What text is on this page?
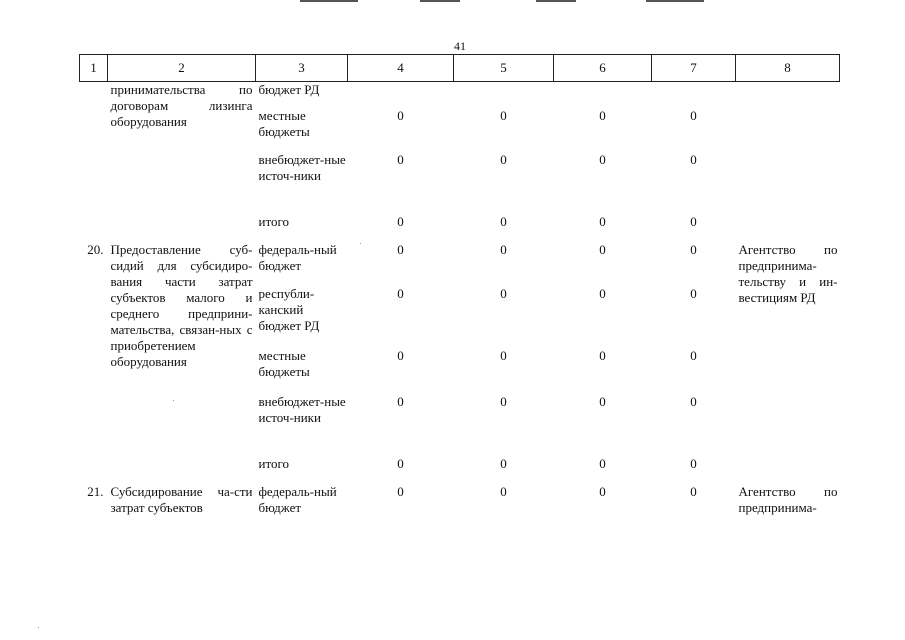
41
1	2	3	4	5	6	7	8

	принимательства по договорам лизинга оборудования	бюджет РД					

		местные бюджеты	0	0	0	0	
		внебюджет-ные источ-ники	0	0	0	0	
		итого	0	0	0	0	
20.	Предоставление суб-сидий для субсидиро-вания части затрат субъектов малого и среднего предприни-мательства, связан-ных с приобретением оборудования	федераль-ный бюджет	0	0	0	0	Агентство по предпринима-тельству и ин-вестициям РД

		республи-канский бюджет РД	0	0	0	0	
		местные бюджеты	0	0	0	0	
		внебюджет-ные источ-ники	0	0	0	0	
		итого	0	0	0	0	
21.	Субсидирование ча-сти затрат субъектов	федераль-ный бюджет	0	0	0	0	Агентство по предпринима-
